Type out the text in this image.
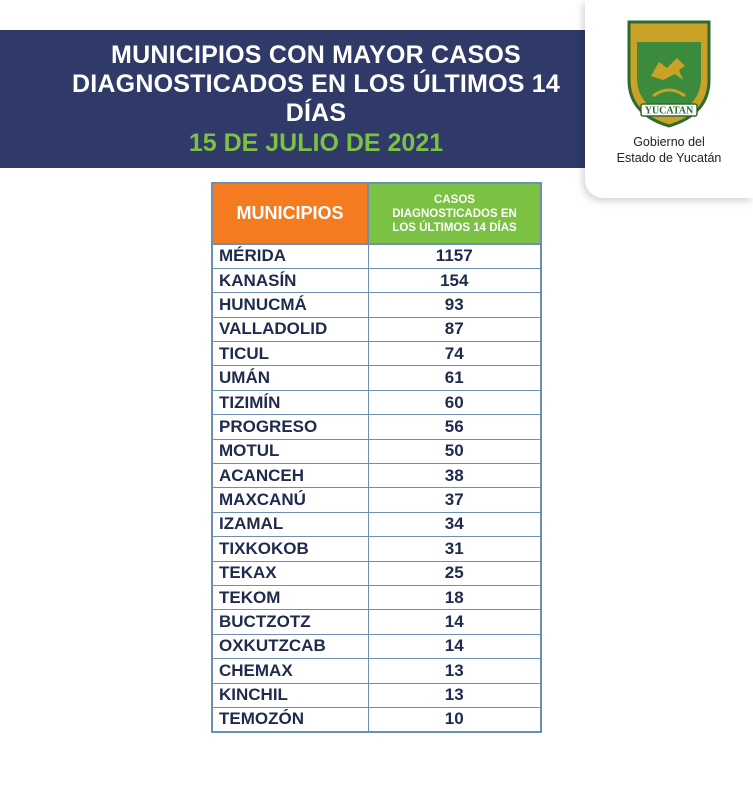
MUNICIPIOS CON MAYOR CASOS
DIAGNOSTICADOS EN LOS ÚLTIMOS 14 DÍAS
15 DE JULIO DE 2021
YUCATAN
Gobierno del
Estado de Yucatán
MUNICIPIOS	CASOS
DIAGNOSTICADOS EN
LOS ÚLTIMOS 14 DÍAS

MÉRIDA	1157
KANASÍN	154
HUNUCMÁ	93
VALLADOLID	87
TICUL	74
UMÁN	61
TIZIMÍN	60
PROGRESO	56
MOTUL	50
ACANCEH	38
MAXCANÚ	37
IZAMAL	34
TIXKOKOB	31
TEKAX	25
TEKOM	18
BUCTZOTZ	14
OXKUTZCAB	14
CHEMAX	13
KINCHIL	13
TEMOZÓN	10
